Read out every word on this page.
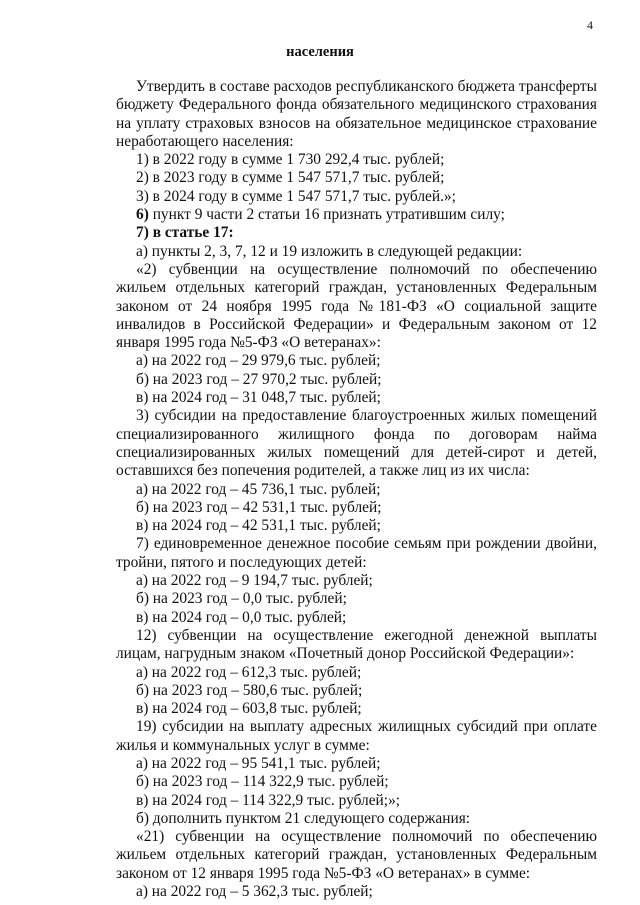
4
населения

Утвердить в составе расходов республиканского бюджета трансферты бюджету Федерального фонда обязательного медицинского страхования на уплату страховых взносов на обязательное медицинское страхование неработающего населения:

1) в 2022 году в сумме 1 730 292,4 тыс. рублей;

2) в 2023 году в сумме 1 547 571,7 тыс. рублей;

3) в 2024 году в сумме 1 547 571,7 тыс. рублей.»;

6) пункт 9 части 2 статьи 16 признать утратившим силу;

7) в статье 17:

а) пункты 2, 3, 7, 12 и 19 изложить в следующей редакции:

«2) субвенции на осуществление полномочий по обеспечению жильем отдельных категорий граждан, установленных Федеральным законом от 24 ноября 1995 года №181-ФЗ «О социальной защите инвалидов в Российской Федерации» и Федеральным законом от 12 января 1995 года №5-ФЗ «О ветеранах»:

а) на 2022 год – 29 979,6 тыс. рублей;

б) на 2023 год – 27 970,2 тыс. рублей;

в) на 2024 год – 31 048,7 тыс. рублей;

3) субсидии на предоставление благоустроенных жилых помещений специализированного жилищного фонда по договорам найма специализированных жилых помещений для детей-сирот и детей, оставшихся без попечения родителей, а также лиц из их числа:

а) на 2022 год – 45 736,1 тыс. рублей;

б) на 2023 год – 42 531,1 тыс. рублей;

в) на 2024 год – 42 531,1 тыс. рублей;

7) единовременное денежное пособие семьям при рождении двойни, тройни, пятого и последующих детей:

а) на 2022 год – 9 194,7 тыс. рублей;

б) на 2023 год – 0,0 тыс. рублей;

в) на 2024 год – 0,0 тыс. рублей;

12) субвенции на осуществление ежегодной денежной выплаты лицам, нагрудным знаком «Почетный донор Российской Федерации»:

а) на 2022 год – 612,3 тыс. рублей;

б) на 2023 год – 580,6 тыс. рублей;

в) на 2024 год – 603,8 тыс. рублей;

19) субсидии на выплату адресных жилищных субсидий при оплате жилья и коммунальных услуг в сумме:

а) на 2022 год – 95 541,1 тыс. рублей;

б) на 2023 год – 114 322,9 тыс. рублей;

в) на 2024 год – 114 322,9 тыс. рублей;»;

б) дополнить пунктом 21 следующего содержания:

«21) субвенции на осуществление полномочий по обеспечению жильем отдельных категорий граждан, установленных Федеральным законом от 12 января 1995 года №5-ФЗ «О ветеранах» в сумме:

а) на 2022 год – 5 362,3 тыс. рублей;
